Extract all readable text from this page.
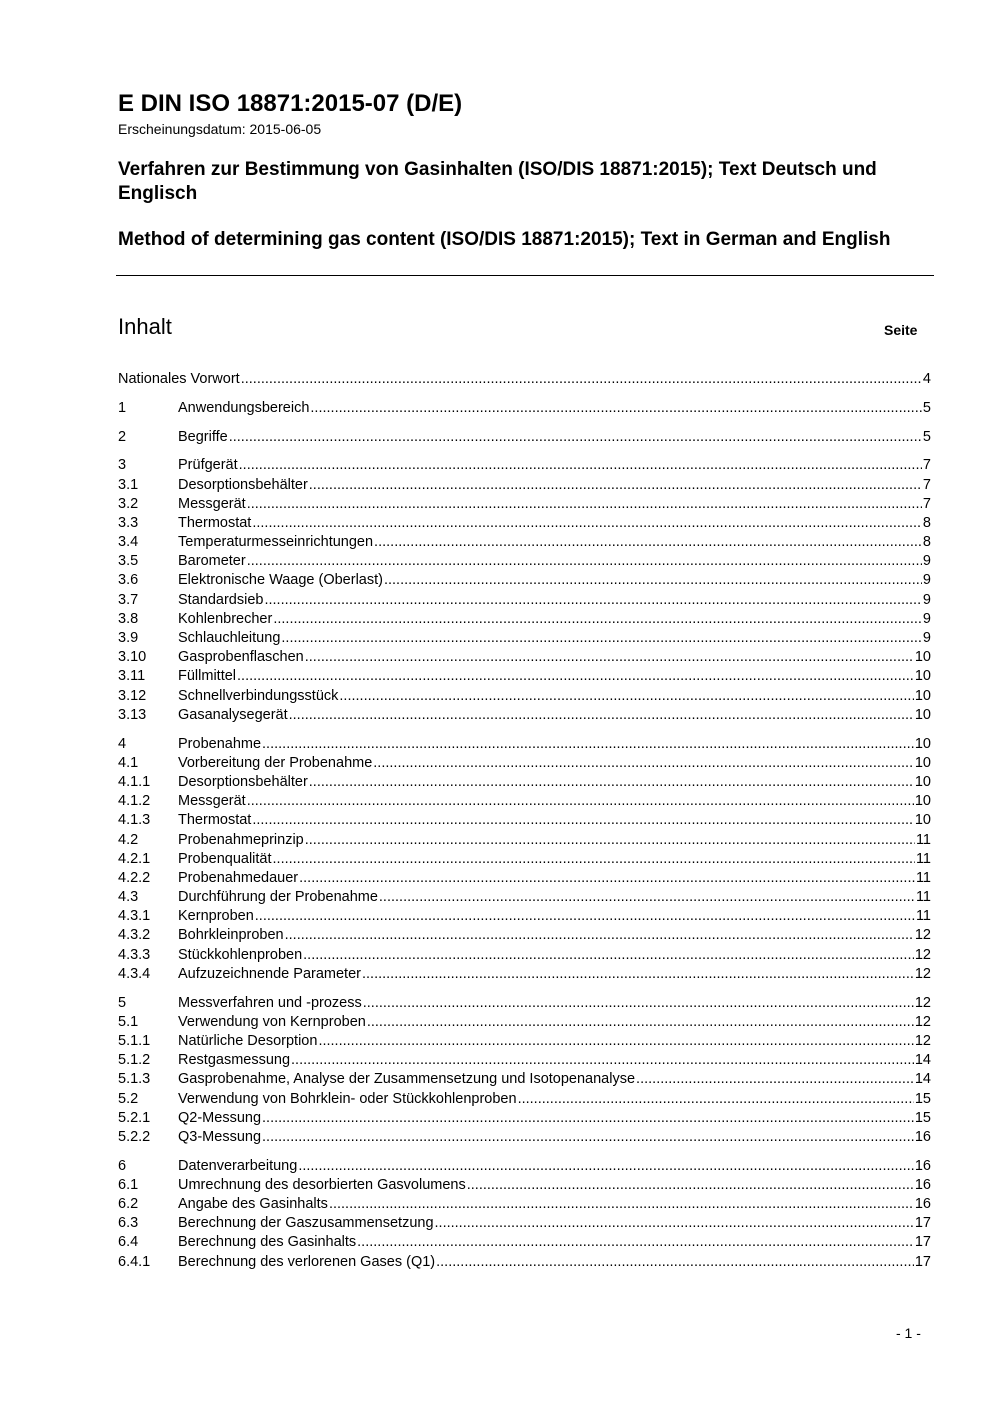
E DIN ISO 18871:2015-07 (D/E)
Erscheinungsdatum: 2015-06-05
Verfahren zur Bestimmung von Gasinhalten (ISO/DIS 18871:2015); Text Deutsch und Englisch
Method of determining gas content (ISO/DIS 18871:2015); Text in German and English
Inhalt	Seite
Nationales Vorwort .....	4
1	Anwendungsbereich .....	5
2	Begriffe .....	5
3	Prüfgerät .....	7
3.1	Desorptionsbehälter .....	7
3.2	Messgerät .....	7
3.3	Thermostat .....	8
3.4	Temperaturmesseinrichtungen .....	8
3.5	Barometer .....	9
3.6	Elektronische Waage (Oberlast) .....	9
3.7	Standardsieb .....	9
3.8	Kohlenbrecher .....	9
3.9	Schlauchleitung .....	9
3.10	Gasprobenflaschen .....	10
3.11	Füllmittel .....	10
3.12	Schnellverbindungsstück .....	10
3.13	Gasanalysegerät .....	10
4	Probenahme .....	10
4.1	Vorbereitung der Probenahme .....	10
4.1.1	Desorptionsbehälter .....	10
4.1.2	Messgerät .....	10
4.1.3	Thermostat .....	10
4.2	Probenahmeprinzip .....	11
4.2.1	Probenqualität .....	11
4.2.2	Probenahmedauer .....	11
4.3	Durchführung der Probenahme .....	11
4.3.1	Kernproben .....	11
4.3.2	Bohrkleinproben .....	12
4.3.3	Stückkohlenproben .....	12
4.3.4	Aufzuzeichnende Parameter .....	12
5	Messverfahren und -prozess .....	12
5.1	Verwendung von Kernproben .....	12
5.1.1	Natürliche Desorption .....	12
5.1.2	Restgasmessung .....	14
5.1.3	Gasprobenahme, Analyse der Zusammensetzung und Isotopenanalyse .....	14
5.2	Verwendung von Bohrklein- oder Stückkohlenproben .....	15
5.2.1	Q2-Messung .....	15
5.2.2	Q3-Messung .....	16
6	Datenverarbeitung .....	16
6.1	Umrechnung des desorbierten Gasvolumens .....	16
6.2	Angabe des Gasinhalts .....	16
6.3	Berechnung der Gaszusammensetzung .....	17
6.4	Berechnung des Gasinhalts .....	17
6.4.1	Berechnung des verlorenen Gases (Q1) .....	17
- 1 -
